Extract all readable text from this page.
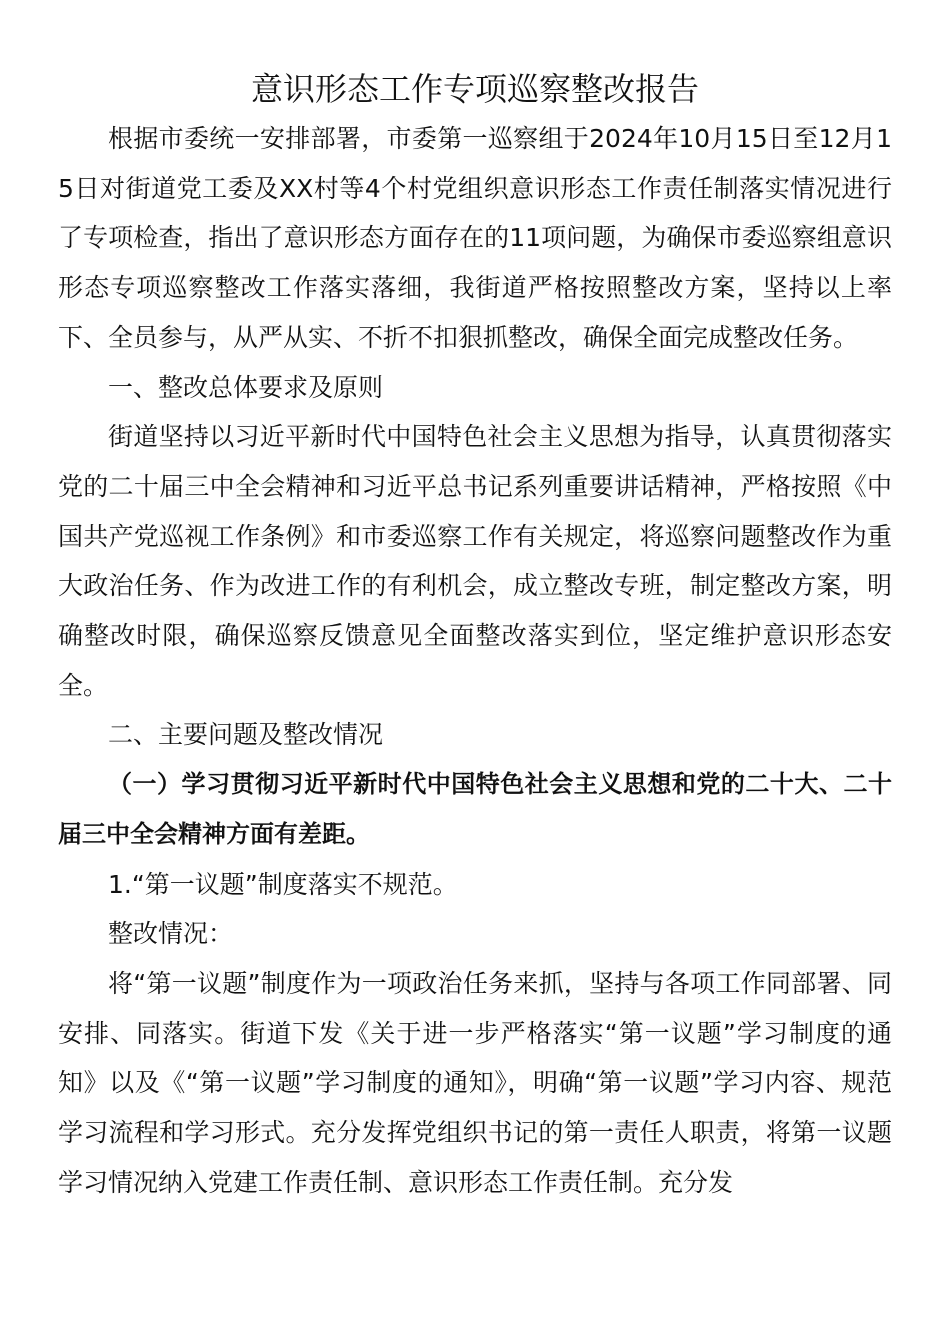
意识形态工作专项巡察整改报告

根据市委统一安排部署，市委第一巡察组于2024年10月15日至12月15日对街道党工委及XX村等4个村党组织意识形态工作责任制落实情况进行了专项检查，指出了意识形态方面存在的11项问题，为确保市委巡察组意识形态专项巡察整改工作落实落细，我街道严格按照整改方案，坚持以上率下、全员参与，从严从实、不折不扣狠抓整改，确保全面完成整改任务。

一、整改总体要求及原则

街道坚持以习近平新时代中国特色社会主义思想为指导，认真贯彻落实党的二十届三中全会精神和习近平总书记系列重要讲话精神，严格按照《中国共产党巡视工作条例》和市委巡察工作有关规定，将巡察问题整改作为重大政治任务、作为改进工作的有利机会，成立整改专班，制定整改方案，明确整改时限，确保巡察反馈意见全面整改落实到位，坚定维护意识形态安全。

二、主要问题及整改情况

（一）学习贯彻习近平新时代中国特色社会主义思想和党的二十大、二十届三中全会精神方面有差距。

1.“第一议题”制度落实不规范。

整改情况：

将“第一议题”制度作为一项政治任务来抓，坚持与各项工作同部署、同安排、同落实。街道下发《关于进一步严格落实“第一议题”学习制度的通知》以及《“第一议题”学习制度的通知》，明确“第一议题”学习内容、规范学习流程和学习形式。充分发挥党组织书记的第一责任人职责，将第一议题学习情况纳入党建工作责任制、意识形态工作责任制。充分发
